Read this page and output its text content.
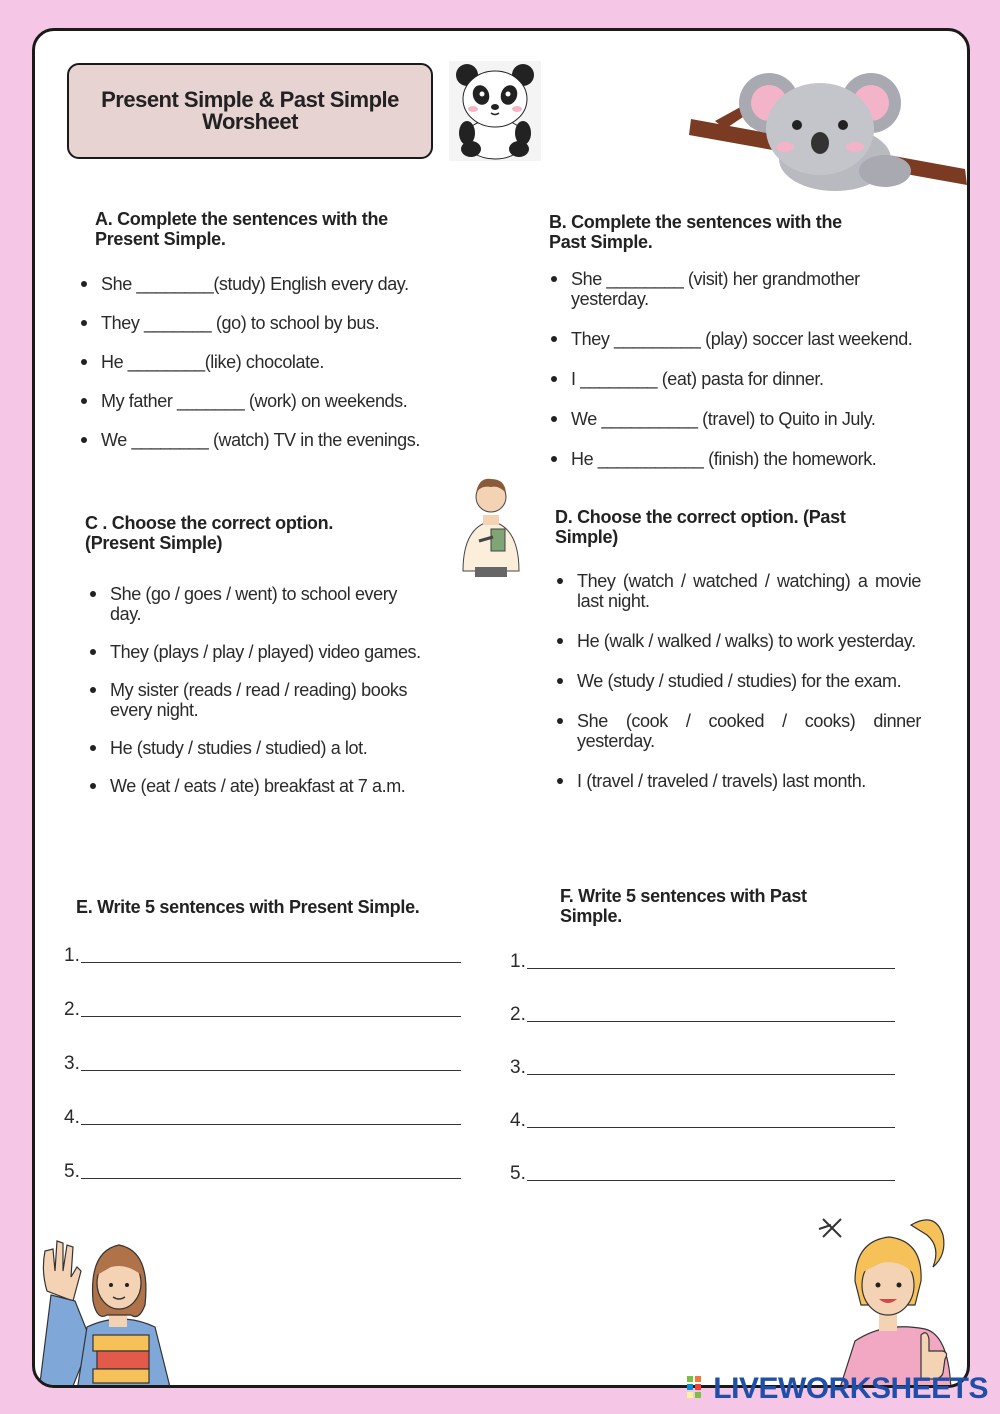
Present Simple & Past Simple
Worsheet
A. Complete the sentences with the
Present Simple.
She ________(study) English every day.
They _______ (go) to school by bus.
He ________(like) chocolate.
My father _______ (work) on weekends.
We ________ (watch) TV in the evenings.
B. Complete the sentences with the
Past Simple.
She ________ (visit) her grandmother yesterday.
They _________ (play) soccer last weekend.
I ________ (eat) pasta for dinner.
We __________ (travel) to Quito in July.
He ___________ (finish) the homework.
C . Choose the correct option.
(Present Simple)
She (go / goes / went) to school every day.
They (plays / play / played) video games.
My sister (reads / read / reading) books every night.
He (study / studies / studied) a lot.
We (eat / eats / ate) breakfast at 7 a.m.
D. Choose the correct option. (Past
Simple)
They (watch / watched / watching) a movie last night.
He (walk / walked / walks) to work yesterday.
We (study / studied / studies) for the exam.
She (cook / cooked / cooks) dinner yesterday.
I (travel / traveled / travels) last month.
E. Write 5 sentences with Present Simple.
1.
2.
3.
4.
5.
F. Write 5 sentences with Past
Simple.
1.
2.
3.
4.
5.
LIVEWORKSHEETS
